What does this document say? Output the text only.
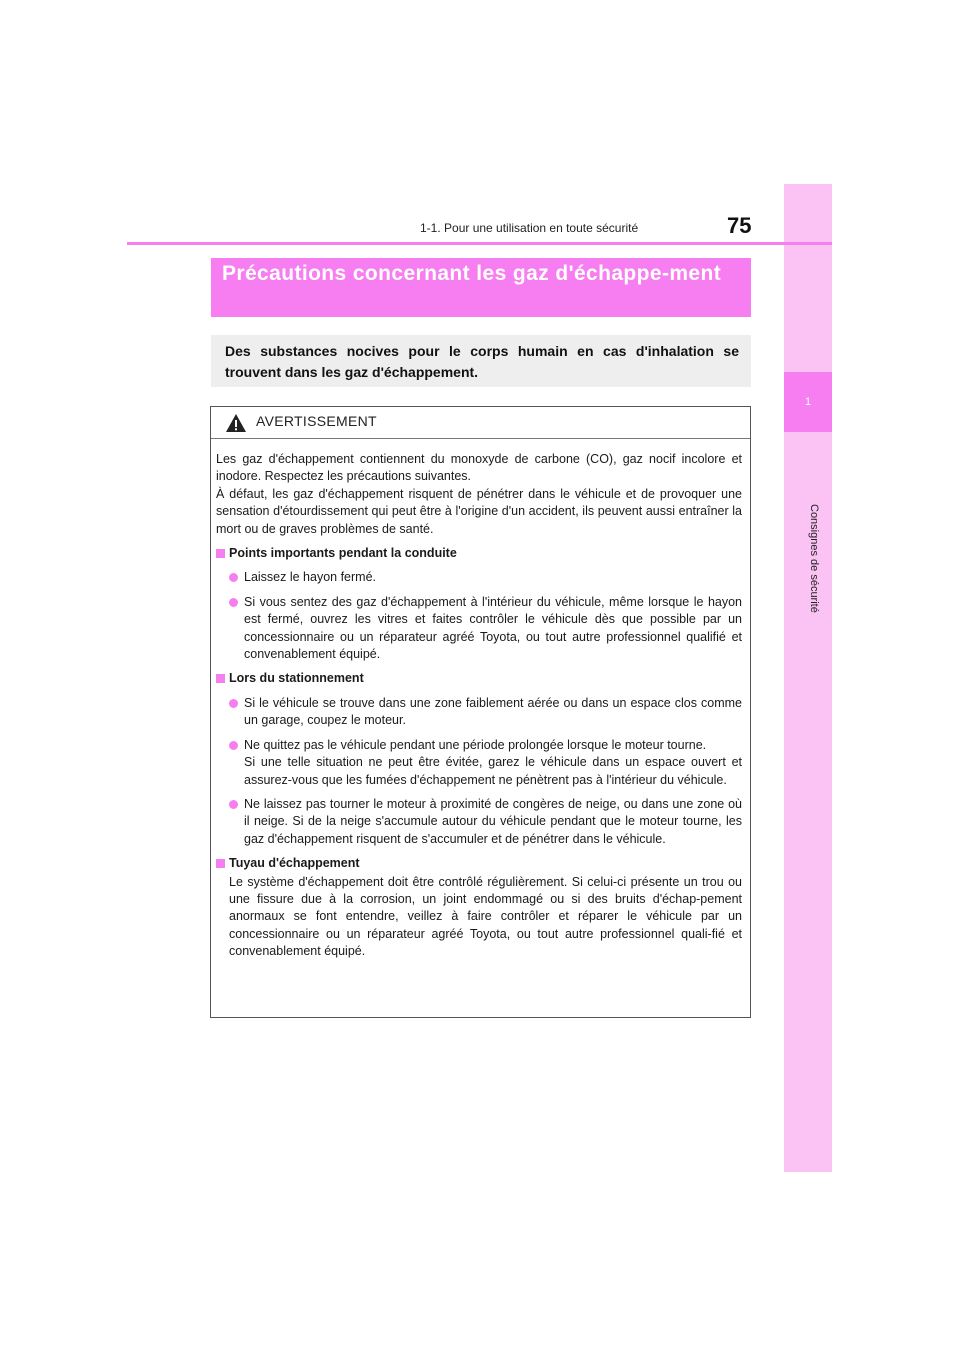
1
Consignes de sécurité
1-1. Pour une utilisation en toute sécurité	75
Précautions concernant les gaz d'échappe-ment
Des substances nocives pour le corps humain en cas d'inhalation se trouvent dans les gaz d'échappement.
AVERTISSEMENT

Les gaz d'échappement contiennent du monoxyde de carbone (CO), gaz nocif incolore et inodore. Respectez les précautions suivantes.

À défaut, les gaz d'échappement risquent de pénétrer dans le véhicule et de provoquer une sensation d'étourdissement qui peut être à l'origine d'un accident, ils peuvent aussi entraîner la mort ou de graves problèmes de santé.

Points importants pendant la conduite
Laissez le hayon fermé.
Si vous sentez des gaz d'échappement à l'intérieur du véhicule, même lorsque le hayon est fermé, ouvrez les vitres et faites contrôler le véhicule dès que possible par un concessionnaire ou un réparateur agréé Toyota, ou tout autre professionnel qualifié et convenablement équipé.
Lors du stationnement
Si le véhicule se trouve dans une zone faiblement aérée ou dans un espace clos comme un garage, coupez le moteur.
Ne quittez pas le véhicule pendant une période prolongée lorsque le moteur tourne.
Si une telle situation ne peut être évitée, garez le véhicule dans un espace ouvert et assurez-vous que les fumées d'échappement ne pénètrent pas à l'intérieur du véhicule.
Ne laissez pas tourner le moteur à proximité de congères de neige, ou dans une zone où il neige. Si de la neige s'accumule autour du véhicule pendant que le moteur tourne, les gaz d'échappement risquent de s'accumuler et de pénétrer dans le véhicule.
Tuyau d'échappement
Le système d'échappement doit être contrôlé régulièrement. Si celui-ci présente un trou ou une fissure due à la corrosion, un joint endommagé ou si des bruits d'échap-pement anormaux se font entendre, veillez à faire contrôler et réparer le véhicule par un concessionnaire ou un réparateur agréé Toyota, ou tout autre professionnel quali-fié et convenablement équipé.
